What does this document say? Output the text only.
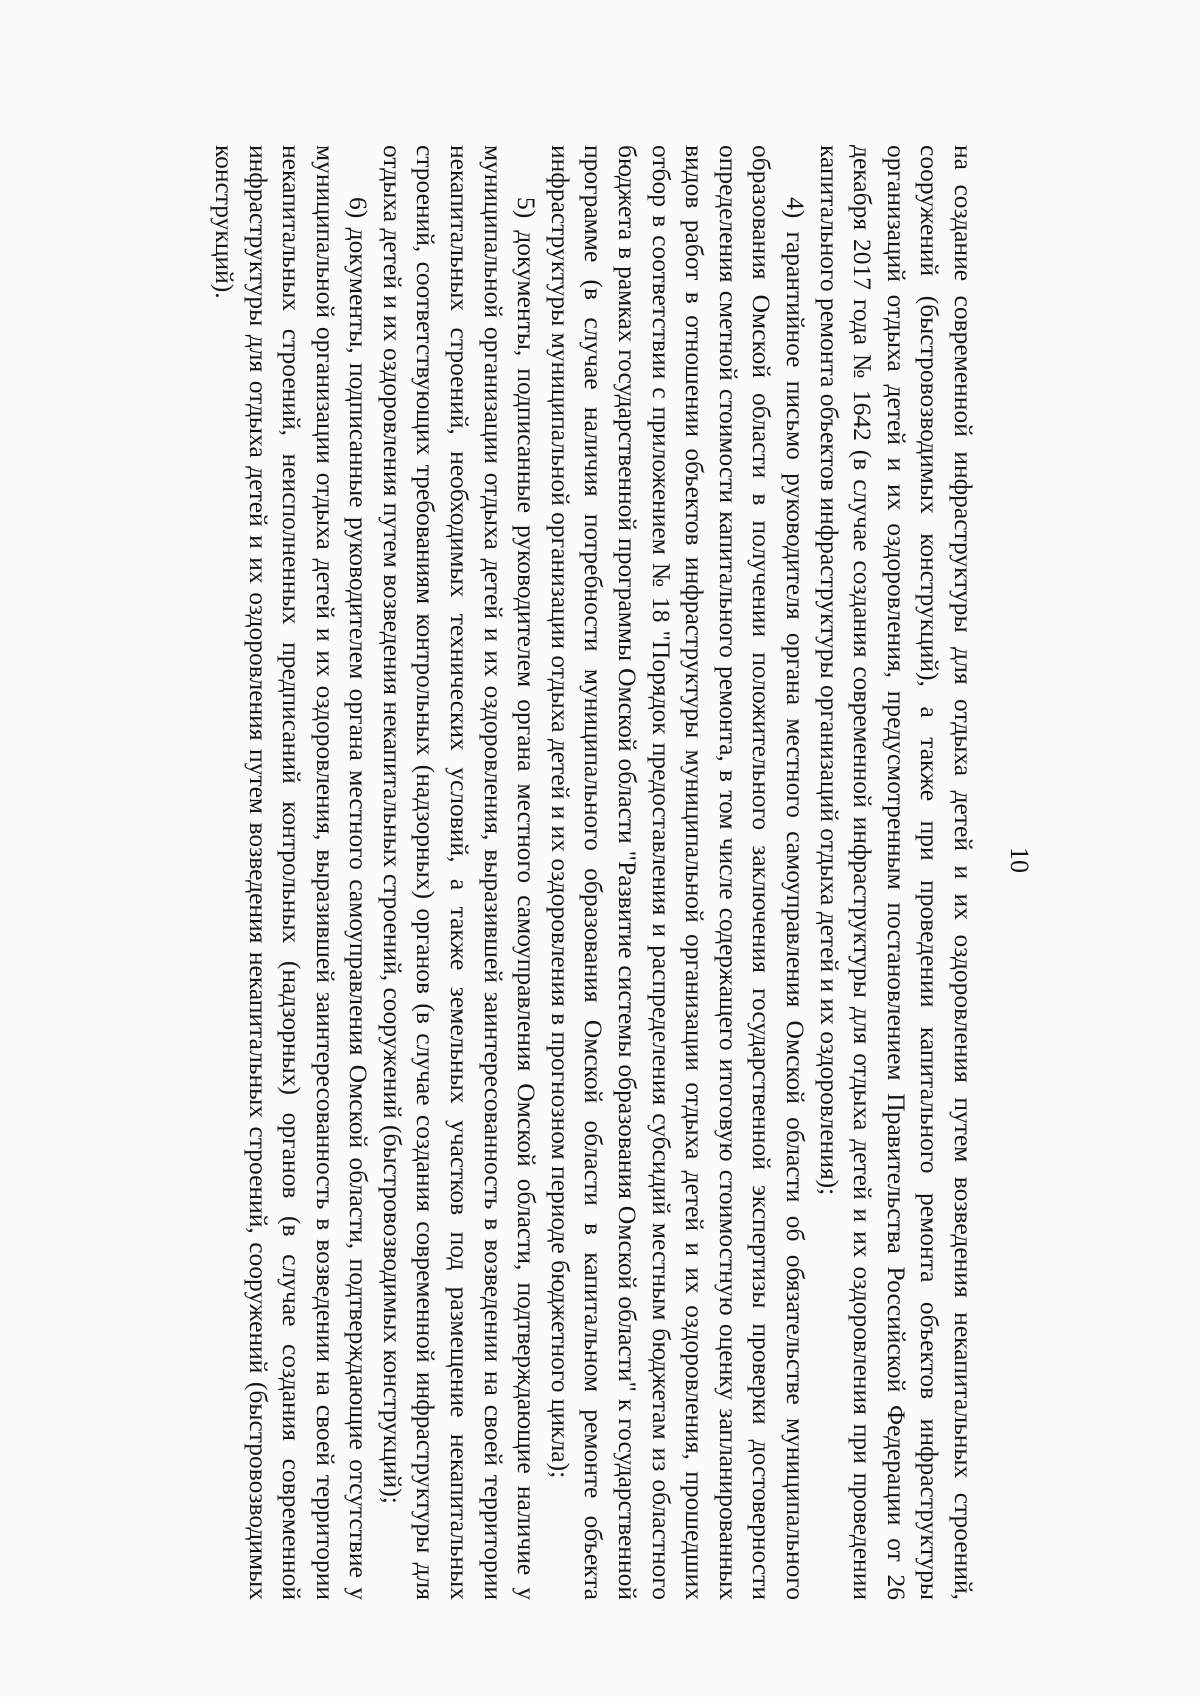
10

на создание современной инфраструктуры для отдыха детей и их оздоровления путем возведения некапитальных строений, сооружений (быстровозводимых конструкций), а также при проведении капитального ремонта объектов инфраструктуры организаций отдыха детей и их оздоровления, предусмотренным постановлением Правительства Российской Федерации от 26 декабря 2017 года № 1642 (в случае создания современной инфраструктуры для отдыха детей и их оздоровления при проведении капитального ремонта объектов инфраструктуры организаций отдыха детей и их оздоровления);

4) гарантийное письмо руководителя органа местного самоуправления Омской области об обязательстве муниципального образования Омской области в получении положительного заключения государственной экспертизы проверки достоверности определения сметной стоимости капитального ремонта, в том числе содержащего итоговую стоимостную оценку запланированных видов работ в отношении объектов инфраструктуры муниципальной организации отдыха детей и их оздоровления, прошедших отбор в соответствии с приложением № 18 "Порядок предоставления и распределения субсидий местным бюджетам из областного бюджета в рамках государственной программы Омской области "Развитие системы образования Омской области" к государственной программе (в случае наличия потребности муниципального образования Омской области в капитальном ремонте объекта инфраструктуры муниципальной организации отдыха детей и их оздоровления в прогнозном периоде бюджетного цикла);

5) документы, подписанные руководителем органа местного самоуправления Омской области, подтверждающие наличие у муниципальной организации отдыха детей и их оздоровления, выразившей заинтересованность в возведении на своей территории некапитальных строений, необходимых технических условий, а также земельных участков под размещение некапитальных строений, соответствующих требованиям контрольных (надзорных) органов (в случае создания современной инфраструктуры для отдыха детей и их оздоровления путем возведения некапитальных строений, сооружений (быстровозводимых конструкций);

6) документы, подписанные руководителем органа местного самоуправления Омской области, подтверждающие отсутствие у муниципальной организации отдыха детей и их оздоровления, выразившей заинтересованность в возведении на своей территории некапитальных строений, неисполненных предписаний контрольных (надзорных) органов (в случае создания современной инфраструктуры для отдыха детей и их оздоровления путем возведения некапитальных строений, сооружений (быстровозводимых конструкций).
